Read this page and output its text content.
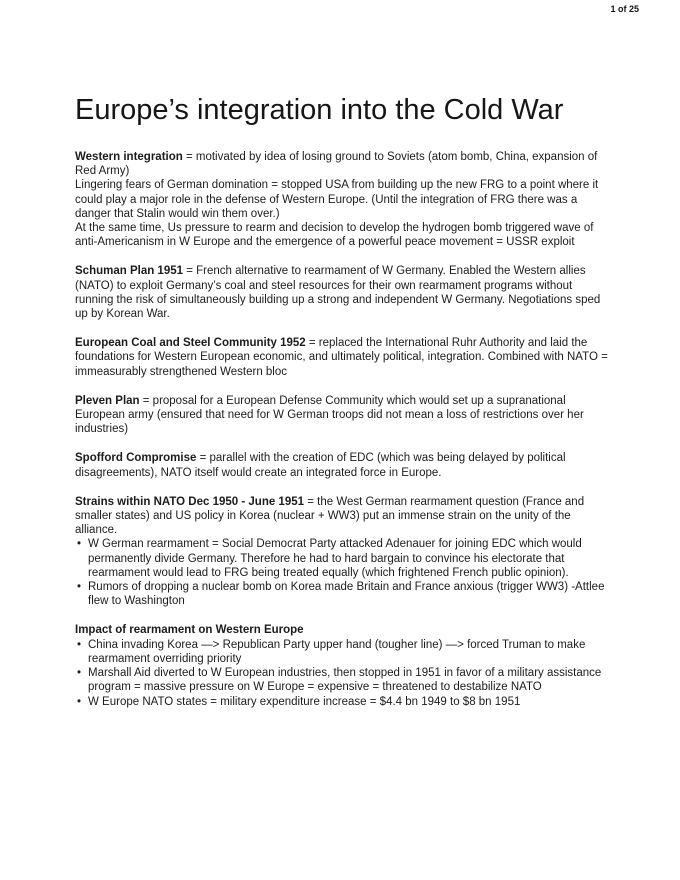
1 of 25
Europe’s integration into the Cold War

Western integration = motivated by idea of losing ground to Soviets (atom bomb, China, expansion of Red Army)

Lingering fears of German domination = stopped USA from building up the new FRG to a point where it could play a major role in the defense of Western Europe. (Until the integration of FRG there was a danger that Stalin would win them over.)

At the same time, Us pressure to rearm and decision to develop the hydrogen bomb triggered wave of anti-Americanism in W Europe and the emergence of a powerful peace movement = USSR exploit

Schuman Plan 1951 = French alternative to rearmament of W Germany. Enabled the Western allies (NATO) to exploit Germany’s coal and steel resources for their own rearmament programs without running the risk of simultaneously building up a strong and independent W Germany. Negotiations sped up by Korean War.

European Coal and Steel Community 1952 = replaced the International Ruhr Authority and laid the foundations for Western European economic, and ultimately political, integration. Combined with NATO = immeasurably strengthened Western bloc

Pleven Plan = proposal for a European Defense Community which would set up a supranational European army (ensured that need for W German troops did not mean a loss of restrictions over her industries)

Spofford Compromise = parallel with the creation of EDC (which was being delayed by political disagreements), NATO itself would create an integrated force in Europe.

Strains within NATO Dec 1950 - June 1951 = the West German rearmament question (France and smaller states) and US policy in Korea (nuclear + WW3) put an immense strain on the unity of the alliance.

• W German rearmament = Social Democrat Party attacked Adenauer for joining EDC which would permanently divide Germany. Therefore he had to hard bargain to convince his electorate that rearmament would lead to FRG being treated equally (which frightened French public opinion).
• Rumors of dropping a nuclear bomb on Korea made Britain and France anxious (trigger WW3) -Attlee flew to Washington

Impact of rearmament on Western Europe

• China invading Korea —> Republican Party upper hand (tougher line) —> forced Truman to make rearmament overriding priority
• Marshall Aid diverted to W European industries, then stopped in 1951 in favor of a military assistance program = massive pressure on W Europe = expensive = threatened to destabilize NATO
• W Europe NATO states = military expenditure increase = $4.4 bn 1949 to $8 bn 1951
